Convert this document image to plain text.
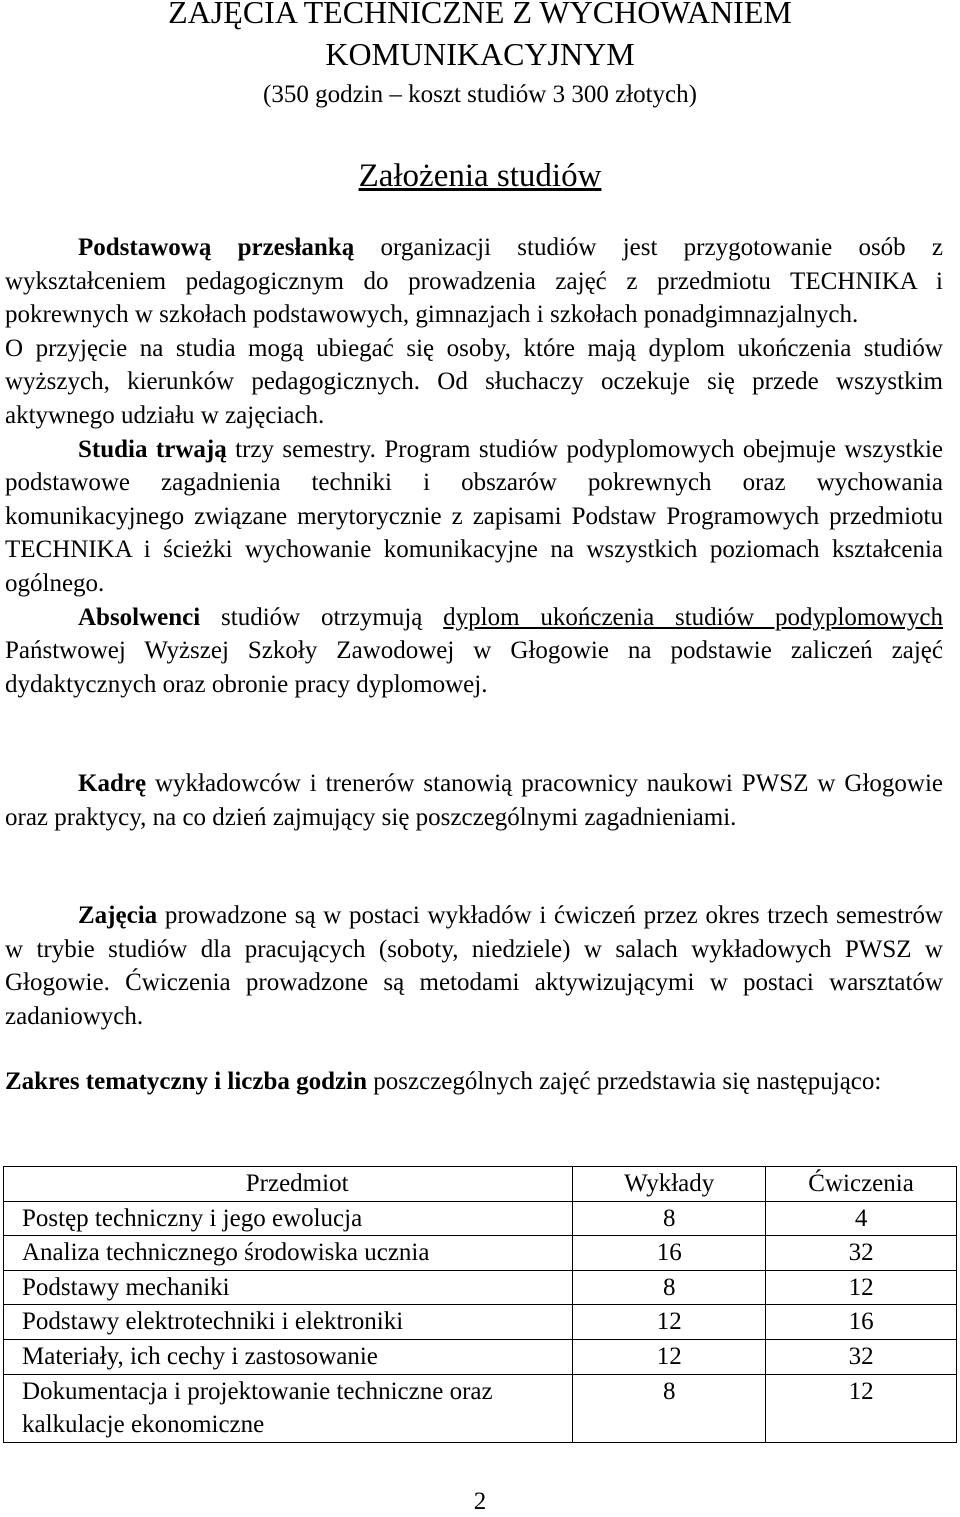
ZAJĘCIA TECHNICZNE Z WYCHOWANIEM
KOMUNIKACYJNYM
(350 godzin – koszt studiów 3 300 złotych)
Założenia studiów
Podstawową przesłanką organizacji studiów jest przygotowanie osób z wykształceniem pedagogicznym do prowadzenia zajęć z przedmiotu TECHNIKA i pokrewnych w szkołach podstawowych, gimnazjach i szkołach ponadgimnazjalnych.
O przyjęcie na studia mogą ubiegać się osoby, które mają dyplom ukończenia studiów wyższych, kierunków pedagogicznych. Od słuchaczy oczekuje się przede wszystkim aktywnego udziału w zajęciach.
Studia trwają trzy semestry. Program studiów podyplomowych obejmuje wszystkie podstawowe zagadnienia techniki i obszarów pokrewnych oraz wychowania komunikacyjnego związane merytorycznie z zapisami Podstaw Programowych przedmiotu TECHNIKA i ścieżki wychowanie komunikacyjne na wszystkich poziomach kształcenia ogólnego.
Absolwenci studiów otrzymują dyplom ukończenia studiów podyplomowych Państwowej Wyższej Szkoły Zawodowej w Głogowie na podstawie zaliczeń zajęć dydaktycznych oraz obronie pracy dyplomowej.
Kadrę wykładowców i trenerów stanowią pracownicy naukowi PWSZ w Głogowie oraz praktycy, na co dzień zajmujący się poszczególnymi zagadnieniami.
Zajęcia prowadzone są w postaci wykładów i ćwiczeń przez okres trzech semestrów w trybie studiów dla pracujących (soboty, niedziele) w salach wykładowych PWSZ w Głogowie. Ćwiczenia prowadzone są metodami aktywizującymi w postaci warsztatów zadaniowych.
Zakres tematyczny i liczba godzin poszczególnych zajęć przedstawia się następująco:
Przedmiot	Wykłady	Ćwiczenia
Postęp techniczny i jego ewolucja	8	4
Analiza technicznego środowiska ucznia	16	32
Podstawy mechaniki	8	12
Podstawy elektrotechniki i elektroniki	12	16
Materiały, ich cechy i zastosowanie	12	32
Dokumentacja i projektowanie techniczne oraz kalkulacje ekonomiczne	8	12
2
